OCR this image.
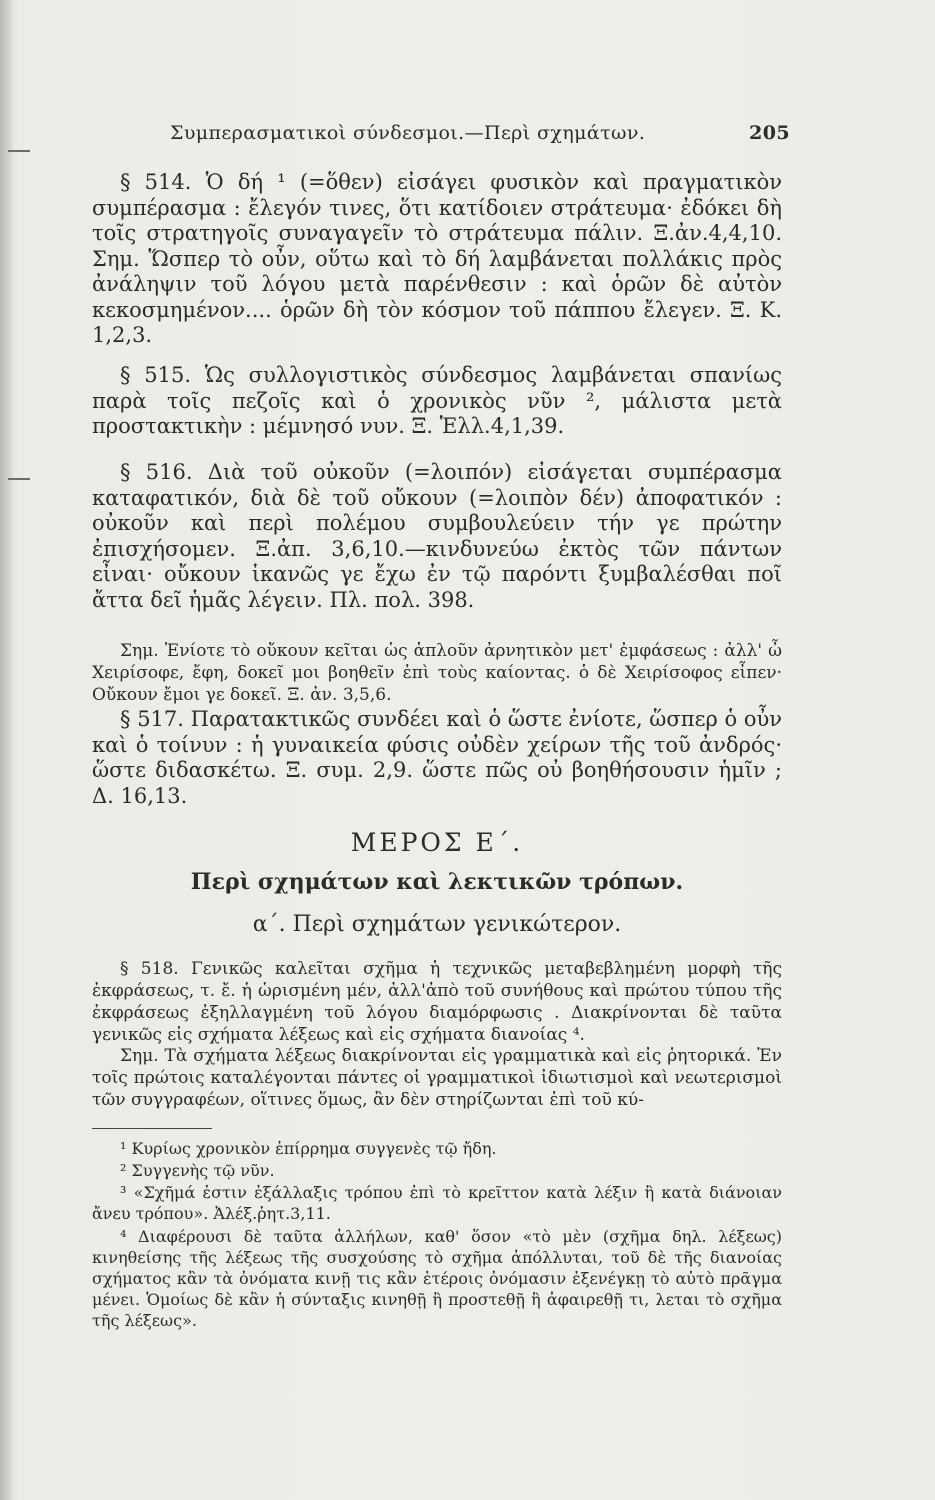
Συμπερασματικοὶ σύνδεσμοι.—Περὶ σχημάτων.	205

§ 514. Ὁ δή ¹ (=ὅθεν) εἰσάγει φυσικὸν καὶ πραγματικὸν συμπέρασμα : ἔλεγόν τινες, ὅτι κατίδοιεν στράτευμα· ἐδόκει δὴ τοῖς στρατηγοῖς συναγαγεῖν τὸ στράτευμα πάλιν. Ξ.ἀν.4,4,10. Σημ. Ὥσπερ τὸ οὖν, οὕτω καὶ τὸ δή λαμβάνεται πολλάκις πρὸς ἀνάληψιν τοῦ λόγου μετὰ παρένθεσιν : καὶ ὁρῶν δὲ αὐτὸν κεκοσμημένον.... ὁρῶν δὴ τὸν κόσμον τοῦ πάππου ἔλεγεν. Ξ. Κ. 1,2,3.

§ 515. Ὡς συλλογιστικὸς σύνδεσμος λαμβάνεται σπανίως παρὰ τοῖς πεζοῖς καὶ ὁ χρονικὸς νῦν ², μάλιστα μετὰ προστακτικὴν : μέμνησό νυν. Ξ. Ἑλλ.4,1,39.

§ 516. Διὰ τοῦ οὐκοῦν (=λοιπόν) εἰσάγεται συμπέρασμα καταφατικόν, διὰ δὲ τοῦ οὔκουν (=λοιπὸν δέν) ἀποφατικόν : οὐκοῦν καὶ περὶ πολέμου συμβουλεύειν τήν γε πρώτην ἐπισχήσομεν. Ξ.ἀπ. 3,6,10.—κινδυνεύω ἐκτὸς τῶν πάντων εἶναι· οὔκουν ἱκανῶς γε ἔχω ἐν τῷ παρόντι ξυμβαλέσθαι ποῖ ἄττα δεῖ ἡμᾶς λέγειν. Πλ. πολ. 398.

Σημ. Ἐνίοτε τὸ οὔκουν κεῖται ὡς ἁπλοῦν ἀρνητικὸν μετ' ἐμφάσεως : ἀλλ' ὦ Χειρίσοφε, ἔφη, δοκεῖ μοι βοηθεῖν ἐπὶ τοὺς καίοντας. ὁ δὲ Χειρίσοφος εἶπεν· Οὔκουν ἔμοι γε δοκεῖ. Ξ. ἀν. 3,5,6.

§ 517. Παρατακτικῶς συνδέει καὶ ὁ ὥστε ἐνίοτε, ὥσπερ ὁ οὖν καὶ ὁ τοίνυν : ἡ γυναικεία φύσις οὐδὲν χείρων τῆς τοῦ ἀνδρός· ὥστε διδασκέτω. Ξ. συμ. 2,9. ὥστε πῶς οὐ βοηθήσουσιν ἡμῖν ; Δ. 16,13.

ΜΕΡΟΣ Ε΄.
Περὶ σχημάτων καὶ λεκτικῶν τρόπων.
α΄. Περὶ σχημάτων γενικώτερον.

§ 518. Γενικῶς καλεῖται σχῆμα ἡ τεχνικῶς μεταβεβλημένη μορφὴ τῆς ἐκφράσεως, τ. ἔ. ἡ ὡρισμένη μέν, ἀλλ'ἀπὸ τοῦ συνήθους καὶ πρώτου τύπου τῆς ἐκφράσεως ἐξηλλαγμένη τοῦ λόγου διαμόρφωσις . Διακρίνονται δὲ ταῦτα γενικῶς εἰς σχήματα λέξεως καὶ εἰς σχήματα διανοίας ⁴.

Σημ. Τὰ σχήματα λέξεως διακρίνονται εἰς γραμματικὰ καὶ εἰς ῥητορικά. Ἐν τοῖς πρώτοις καταλέγονται πάντες οἱ γραμματικοὶ ἰδιωτισμοὶ καὶ νεωτερισμοὶ τῶν συγγραφέων, οἵτινες ὅμως, ἂν δὲν στηρίζωνται ἐπὶ τοῦ κύ-

¹ Κυρίως χρονικὸν ἐπίρρημα συγγενὲς τῷ ἤδη.

² Συγγενὴς τῷ νῦν.

³ «Σχῆμά ἐστιν ἐξάλλαξις τρόπου ἐπὶ τὸ κρεῖττον κατὰ λέξιν ἢ κατὰ διάνοιαν ἄνευ τρόπου». Ἀλέξ.ῥητ.3,11.

⁴ Διαφέρουσι δὲ ταῦτα ἀλλήλων, καθ' ὅσον «τὸ μὲν (σχῆμα δηλ. λέξεως) κινηθείσης τῆς λέξεως τῆς συσχούσης τὸ σχῆμα ἀπόλλυται, τοῦ δὲ τῆς διανοίας σχήματος κἂν τὰ ὀνόματα κινῇ τις κἂν ἑτέροις ὀνόμασιν ἐξενέγκῃ τὸ αὐτὸ πρᾶγμα μένει. Ὁμοίως δὲ κἂν ἡ σύνταξις κινηθῇ ἢ προστεθῇ ἢ ἀφαιρεθῇ τι, λεται τὸ σχῆμα τῆς λέξεως».
